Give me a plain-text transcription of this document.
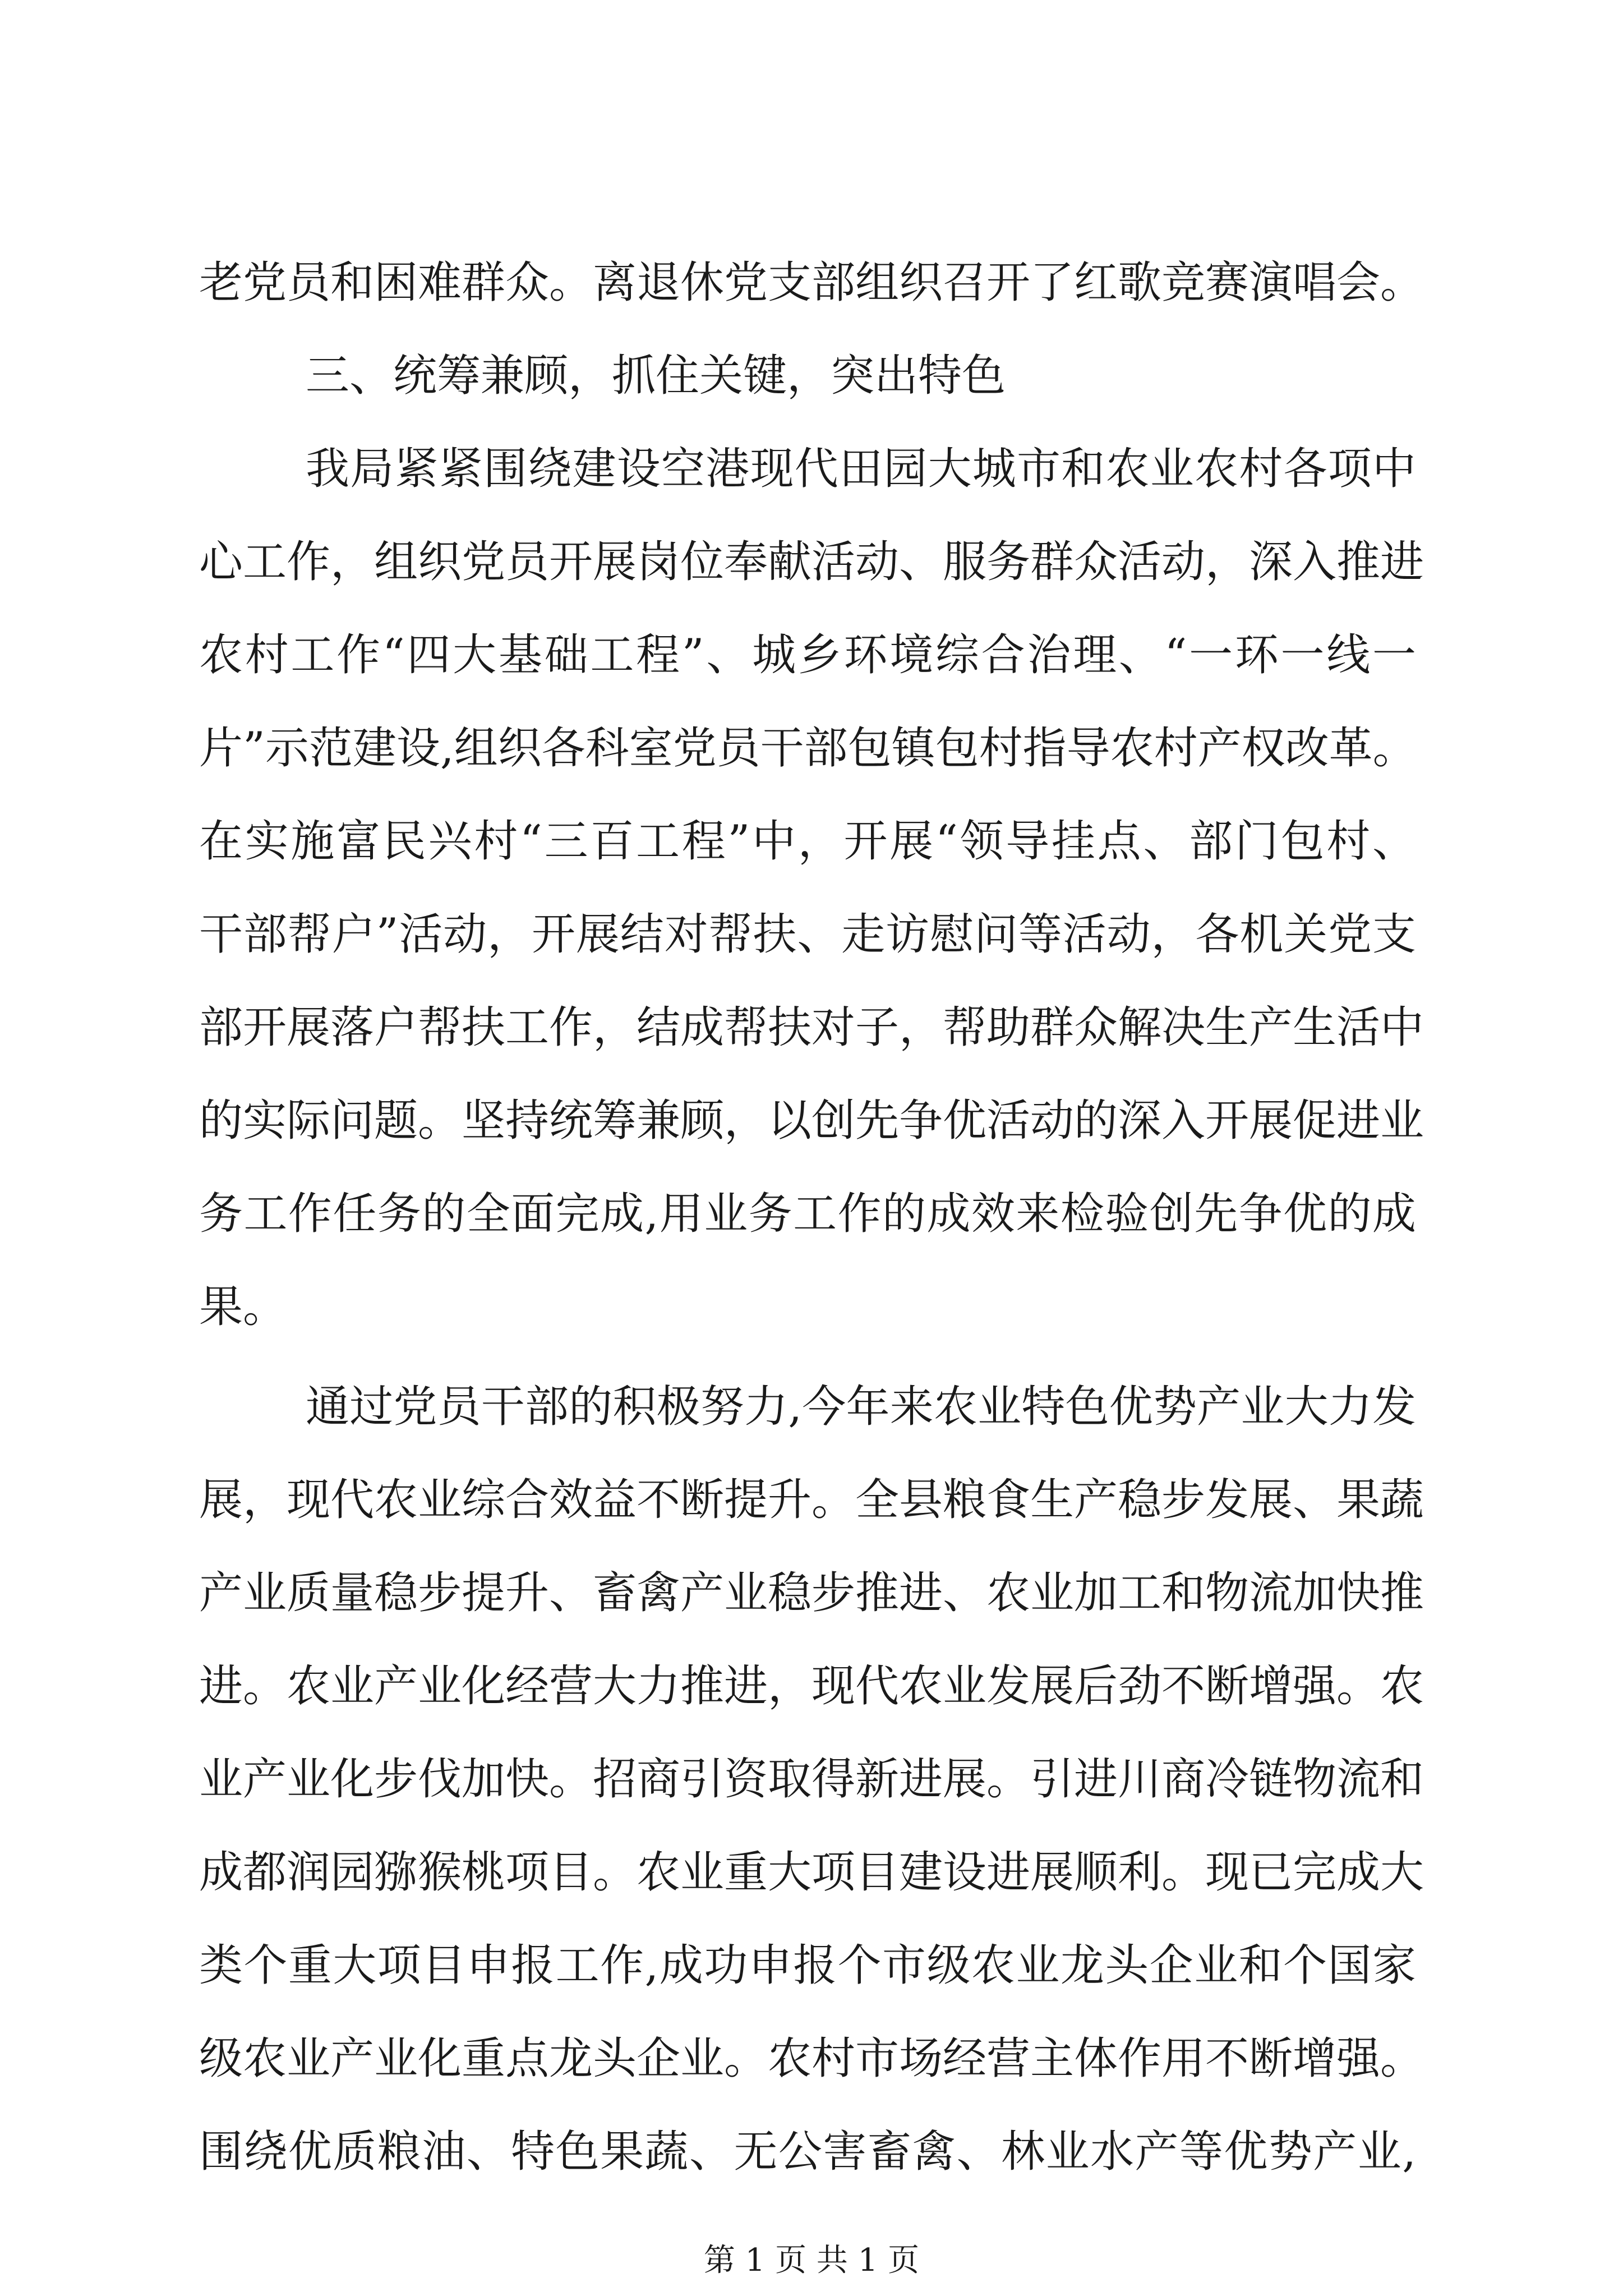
老党员和困难群众。离退休党支部组织召开了红歌竞赛演唱会。
三、统筹兼顾，抓住关键，突出特色
我局紧紧围绕建设空港现代田园大城市和农业农村各项中
心工作，组织党员开展岗位奉献活动、服务群众活动，深入推进
农村工作“四大基础工程”、城乡环境综合治理、“一环一线一
片”示范建设,组织各科室党员干部包镇包村指导农村产权改革。
在实施富民兴村“三百工程”中，开展“领导挂点、部门包村、
干部帮户”活动，开展结对帮扶、走访慰问等活动，各机关党支
部开展落户帮扶工作，结成帮扶对子，帮助群众解决生产生活中
的实际问题。坚持统筹兼顾，以创先争优活动的深入开展促进业
务工作任务的全面完成,用业务工作的成效来检验创先争优的成
果。
通过党员干部的积极努力,今年来农业特色优势产业大力发
展，现代农业综合效益不断提升。全县粮食生产稳步发展、果蔬
产业质量稳步提升、畜禽产业稳步推进、农业加工和物流加快推
进。农业产业化经营大力推进，现代农业发展后劲不断增强。农
业产业化步伐加快。招商引资取得新进展。引进川商冷链物流和
成都润园猕猴桃项目。农业重大项目建设进展顺利。现已完成大
类个重大项目申报工作,成功申报个市级农业龙头企业和个国家
级农业产业化重点龙头企业。农村市场经营主体作用不断增强。
围绕优质粮油、特色果蔬、无公害畜禽、林业水产等优势产业,
第 1 页 共 1 页
